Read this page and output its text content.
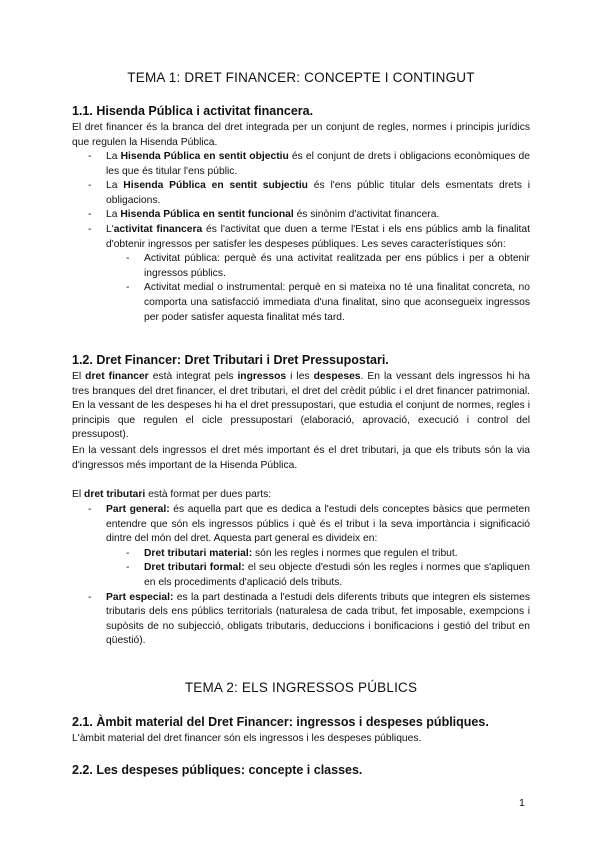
TEMA 1: DRET FINANCER: CONCEPTE I CONTINGUT
1.1. Hisenda Pública i activitat financera.
El dret financer és la branca del dret integrada per un conjunt de regles, normes i principis jurídics que regulen la Hisenda Pública.
- La Hisenda Pública en sentit objectiu és el conjunt de drets i obligacions econòmiques de les que és titular l'ens públic.
- La Hisenda Pública en sentit subjectiu és l'ens públic titular dels esmentats drets i obligacions.
- La Hisenda Pública en sentit funcional és sinònim d'activitat financera.
- L'activitat financera és l'activitat que duen a terme l'Estat i els ens públics amb la finalitat d'obtenir ingressos per satisfer les despeses públiques. Les seves característiques són:
- Activitat pública: perquè és una activitat realitzada per ens públics i per a obtenir ingressos públics.
- Activitat medial o instrumental: perquè en si mateixa no té una finalitat concreta, no comporta una satisfacció immediata d'una finalitat, sino que aconsegueix ingressos per poder satisfer aquesta finalitat més tard.
1.2. Dret Financer: Dret Tributari i Dret Pressupostari.
El dret financer està integrat pels ingressos i les despeses. En la vessant dels ingressos hi ha tres branques del dret financer, el dret tributari, el dret del crèdit públic i el dret financer patrimonial. En la vessant de les despeses hi ha el dret pressupostari, que estudia el conjunt de normes, regles i principis que regulen el cicle pressupostari (elaboració, aprovació, execució i control del pressupost).
En la vessant dels ingressos el dret més important és el dret tributari, ja que els tributs són la via d'ingressos més important de la Hisenda Pública.
El dret tributari està format per dues parts:
- Part general: és aquella part que es dedica a l'estudi dels conceptes bàsics que permeten entendre que són els ingressos públics i què és el tribut i la seva importància i significació dintre del món del dret. Aquesta part general es divideix en:
- Dret tributari material: són les regles i normes que regulen el tribut.
- Dret tributari formal: el seu objecte d'estudi són les regles i normes que s'apliquen en els procediments d'aplicació dels tributs.
- Part especial: es la part destinada a l'estudi dels diferents tributs que integren els sistemes tributaris dels ens públics territorials (naturalesa de cada tribut, fet imposable, exempcions i supòsits de no subjecció, obligats tributaris, deduccions i bonificacions i gestió del tribut en qüestió).
TEMA 2: ELS INGRESSOS PÚBLICS
2.1. Àmbit material del Dret Financer: ingressos i despeses públiques.
L'àmbit material del dret financer són els ingressos i les despeses públiques.
2.2. Les despeses públiques: concepte i classes.
1
